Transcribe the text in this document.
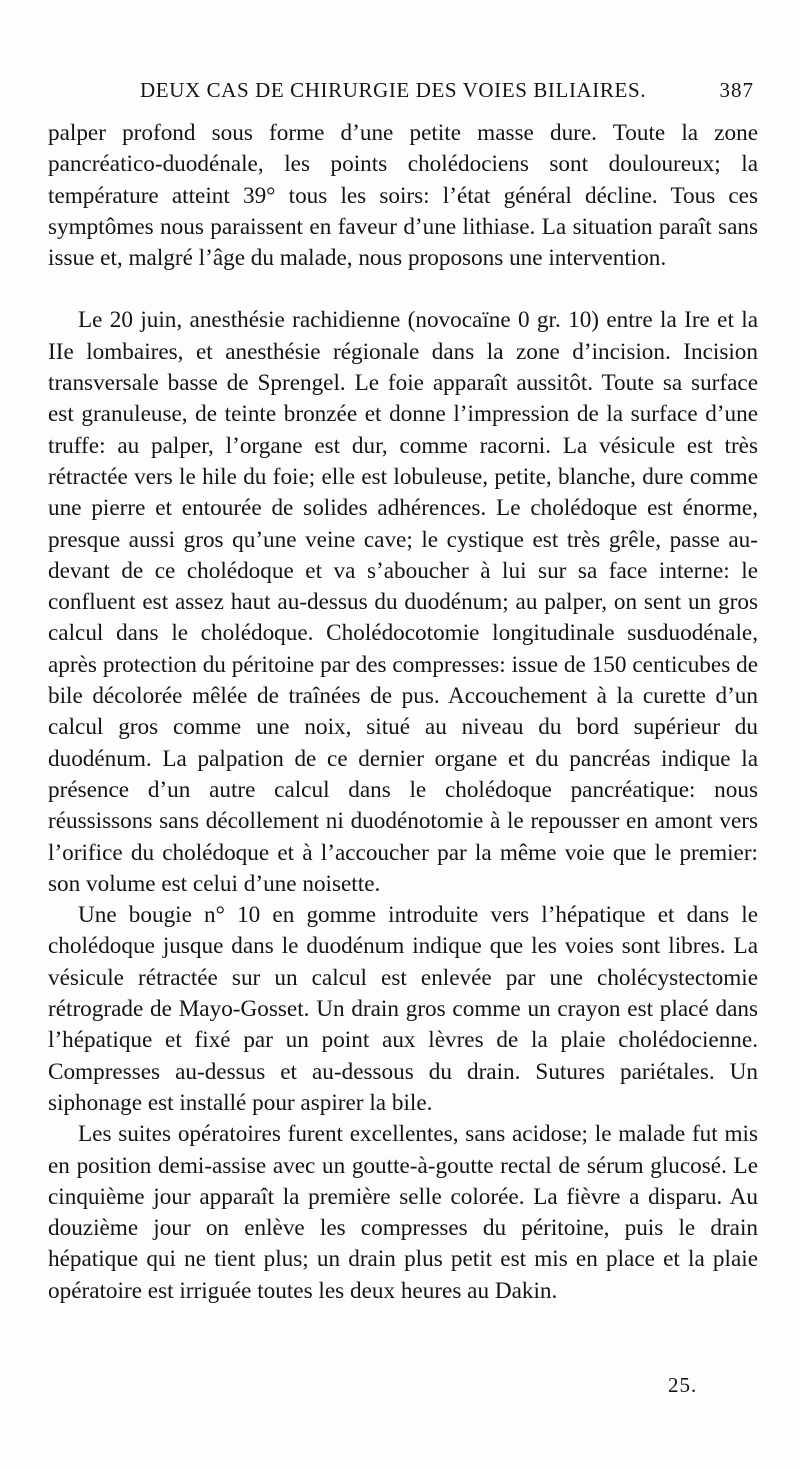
DEUX CAS DE CHIRURGIE DES VOIES BILIAIRES.	387

palper profond sous forme d’une petite masse dure. Toute la zone pancréatico-duodénale, les points cholédociens sont douloureux; la température atteint 39° tous les soirs: l’état général décline. Tous ces symptômes nous paraissent en faveur d’une lithiase. La situation paraît sans issue et, malgré l’âge du malade, nous proposons une intervention.

Le 20 juin, anesthésie rachidienne (novocaïne 0 gr. 10) entre la Ire et la IIe lombaires, et anesthésie régionale dans la zone d’incision. Incision transversale basse de Sprengel. Le foie apparaît aussitôt. Toute sa surface est granuleuse, de teinte bronzée et donne l’impression de la surface d’une truffe: au palper, l’organe est dur, comme racorni. La vésicule est très rétractée vers le hile du foie; elle est lobuleuse, petite, blanche, dure comme une pierre et entourée de solides adhérences. Le cholédoque est énorme, presque aussi gros qu’une veine cave; le cystique est très grêle, passe au-devant de ce cholédoque et va s’aboucher à lui sur sa face interne: le confluent est assez haut au-dessus du duodénum; au palper, on sent un gros calcul dans le cholédoque. Cholédocotomie longitudinale susduodénale, après protection du péritoine par des compresses: issue de 150 centicubes de bile décolorée mêlée de traînées de pus. Accouchement à la curette d’un calcul gros comme une noix, situé au niveau du bord supérieur du duodénum. La palpation de ce dernier organe et du pancréas indique la présence d’un autre calcul dans le cholédoque pancréatique: nous réussissons sans décollement ni duodénotomie à le repousser en amont vers l’orifice du cholédoque et à l’accoucher par la même voie que le premier: son volume est celui d’une noisette.

Une bougie n° 10 en gomme introduite vers l’hépatique et dans le cholédoque jusque dans le duodénum indique que les voies sont libres. La vésicule rétractée sur un calcul est enlevée par une cholécystectomie rétrograde de Mayo-Gosset. Un drain gros comme un crayon est placé dans l’hépatique et fixé par un point aux lèvres de la plaie cholédocienne. Compresses au-dessus et au-dessous du drain. Sutures pariétales. Un siphonage est installé pour aspirer la bile.

Les suites opératoires furent excellentes, sans acidose; le malade fut mis en position demi-assise avec un goutte-à-goutte rectal de sérum glucosé. Le cinquième jour apparaît la première selle colorée. La fièvre a disparu. Au douzième jour on enlève les compresses du péritoine, puis le drain hépatique qui ne tient plus; un drain plus petit est mis en place et la plaie opératoire est irriguée toutes les deux heures au Dakin.

25.
